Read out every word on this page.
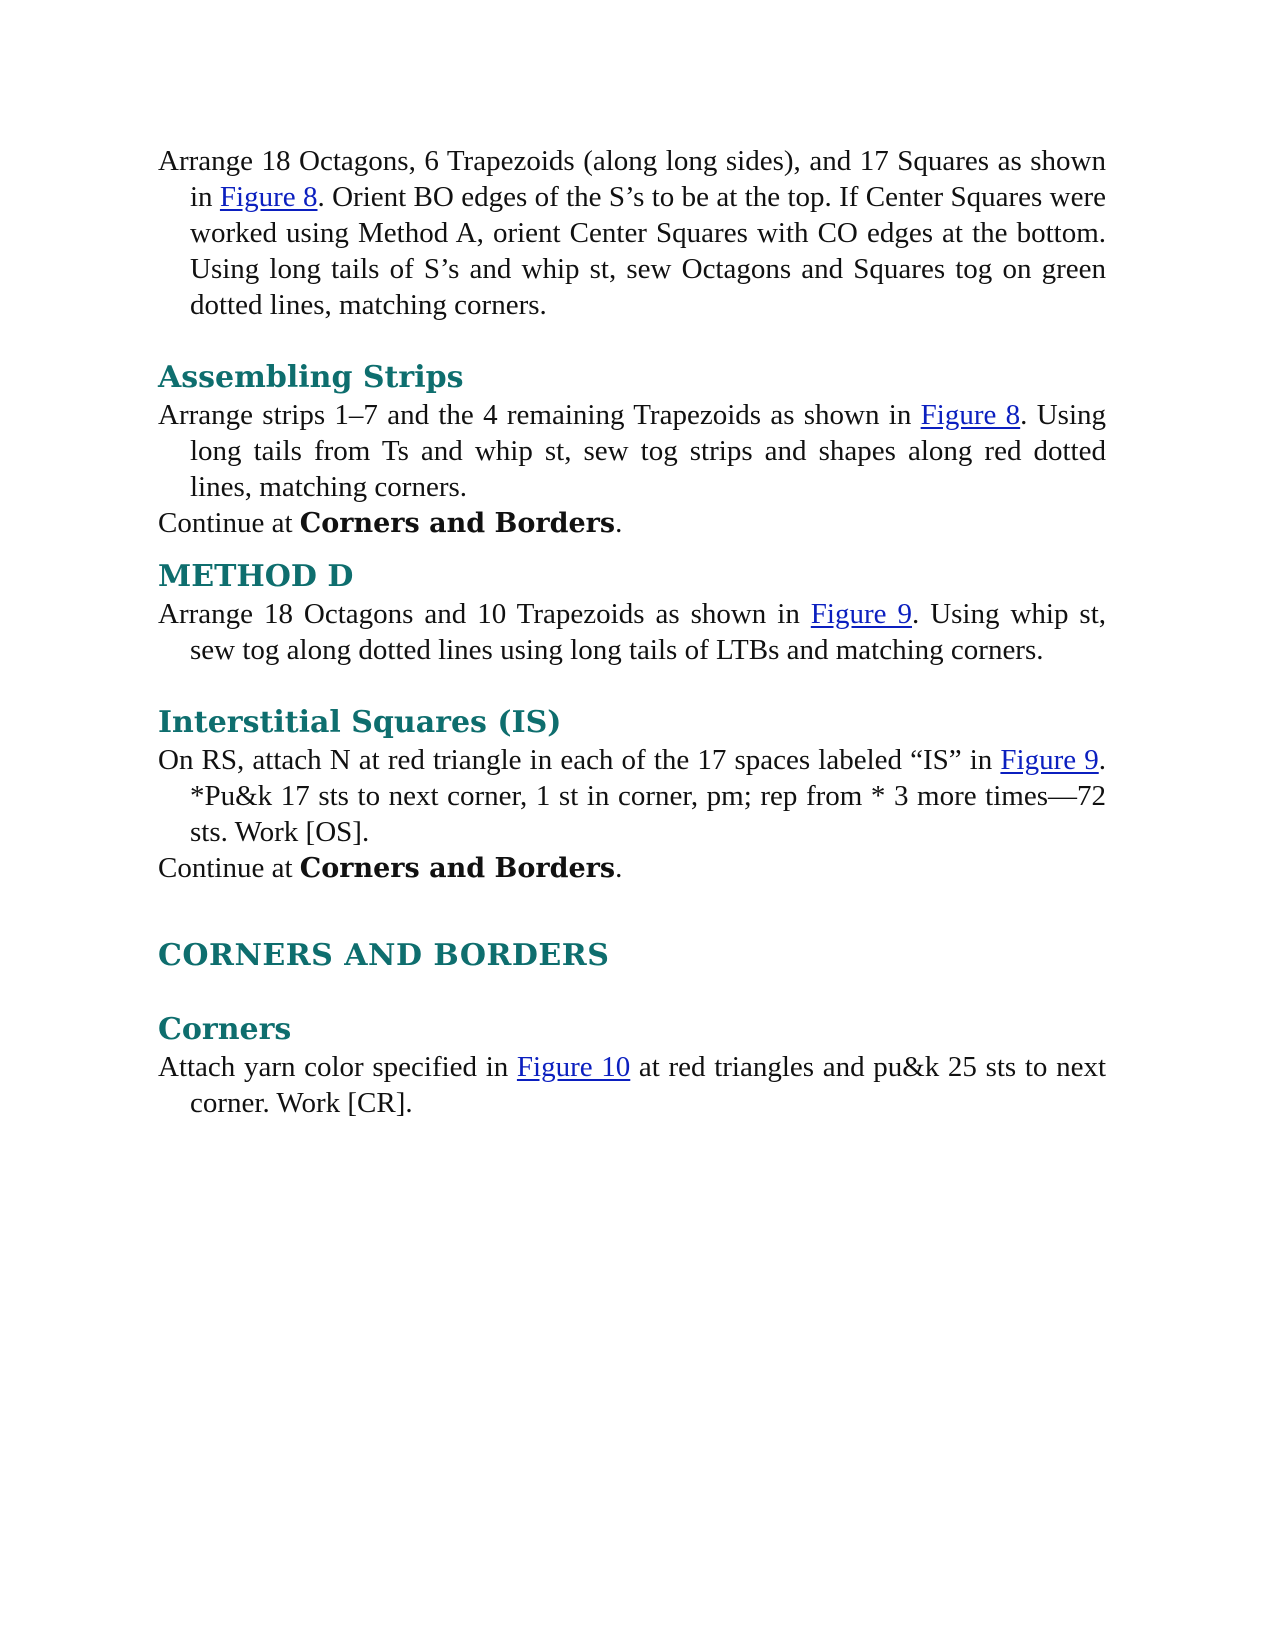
Arrange 18 Octagons, 6 Trapezoids (along long sides), and 17 Squares as shown in Figure 8. Orient BO edges of the S’s to be at the top. If Center Squares were worked using Method A, orient Center Squares with CO edges at the bottom. Using long tails of S’s and whip st, sew Octagons and Squares tog on green dotted lines, matching corners.

Assembling Strips

Arrange strips 1–7 and the 4 remaining Trapezoids as shown in Figure 8. Using long tails from Ts and whip st, sew tog strips and shapes along red dotted lines, matching corners.

Continue at Corners and Borders.

METHOD D

Arrange 18 Octagons and 10 Trapezoids as shown in Figure 9. Using whip st, sew tog along dotted lines using long tails of LTBs and matching corners.

Interstitial Squares (IS)

On RS, attach N at red triangle in each of the 17 spaces labeled “IS” in Figure 9. *Pu&k 17 sts to next corner, 1 st in corner, pm; rep from * 3 more times—72 sts. Work [OS].

Continue at Corners and Borders.

CORNERS AND BORDERS
Corners

Attach yarn color specified in Figure 10 at red triangles and pu&k 25 sts to next corner. Work [CR].
